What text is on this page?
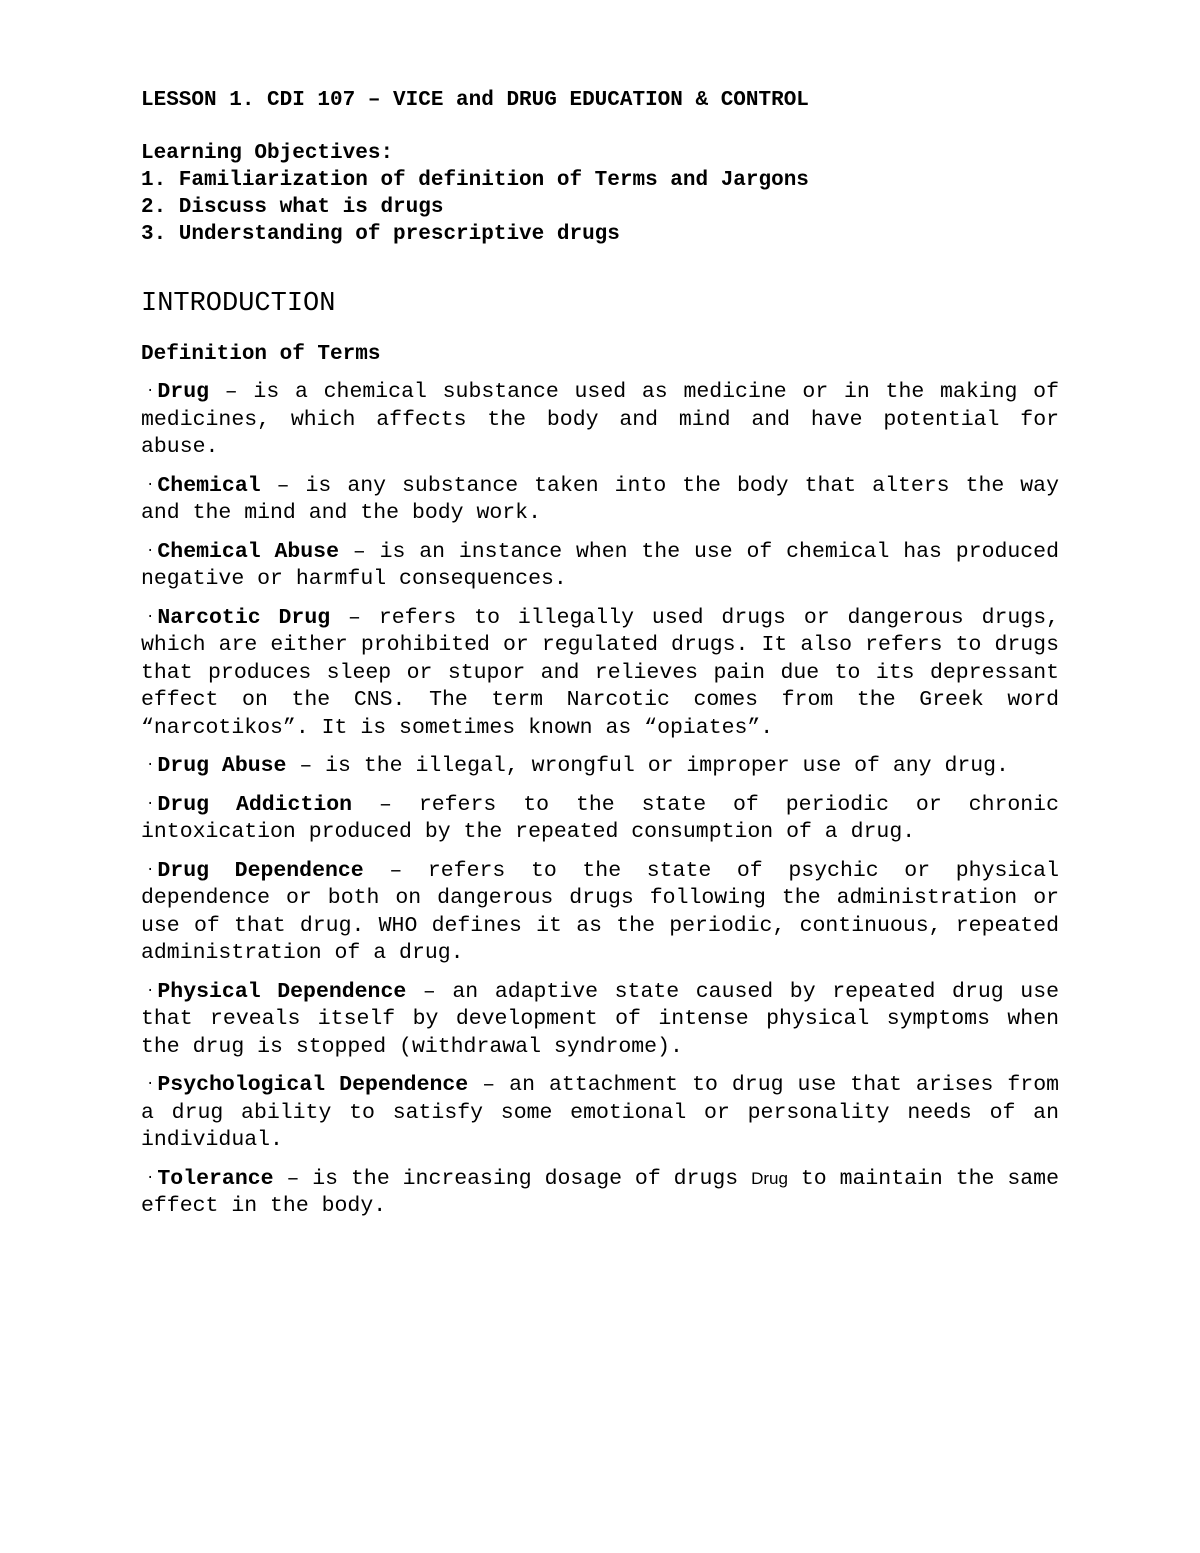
LESSON 1. CDI 107 – VICE and DRUG EDUCATION & CONTROL

Learning Objectives:

1. Familiarization of definition of Terms and Jargons

2. Discuss what is drugs

3. Understanding of prescriptive drugs

INTRODUCTION
Definition of Terms

· Drug – is a chemical substance used as medicine or in the making of medicines, which affects the body and mind and have potential for abuse.

· Chemical – is any substance taken into the body that alters the way and the mind and the body work.

· Chemical Abuse – is an instance when the use of chemical has produced negative or harmful consequences.

· Narcotic Drug – refers to illegally used drugs or dangerous drugs, which are either prohibited or regulated drugs. It also refers to drugs that produces sleep or stupor and relieves pain due to its depressant effect on the CNS. The term Narcotic comes from the Greek word “narcotikos”. It is sometimes known as “opiates”.

· Drug Abuse – is the illegal, wrongful or improper use of any drug.

· Drug Addiction – refers to the state of periodic or chronic intoxication produced by the repeated consumption of a drug.

· Drug Dependence – refers to the state of psychic or physical dependence or both on dangerous drugs following the administration or use of that drug. WHO defines it as the periodic, continuous, repeated administration of a drug.

· Physical Dependence – an adaptive state caused by repeated drug use that reveals itself by development of intense physical symptoms when the drug is stopped (withdrawal syndrome).

· Psychological Dependence – an attachment to drug use that arises from a drug ability to satisfy some emotional or personality needs of an individual.

· Tolerance – is the increasing dosage of drugs Drug to maintain the same effect in the body.
